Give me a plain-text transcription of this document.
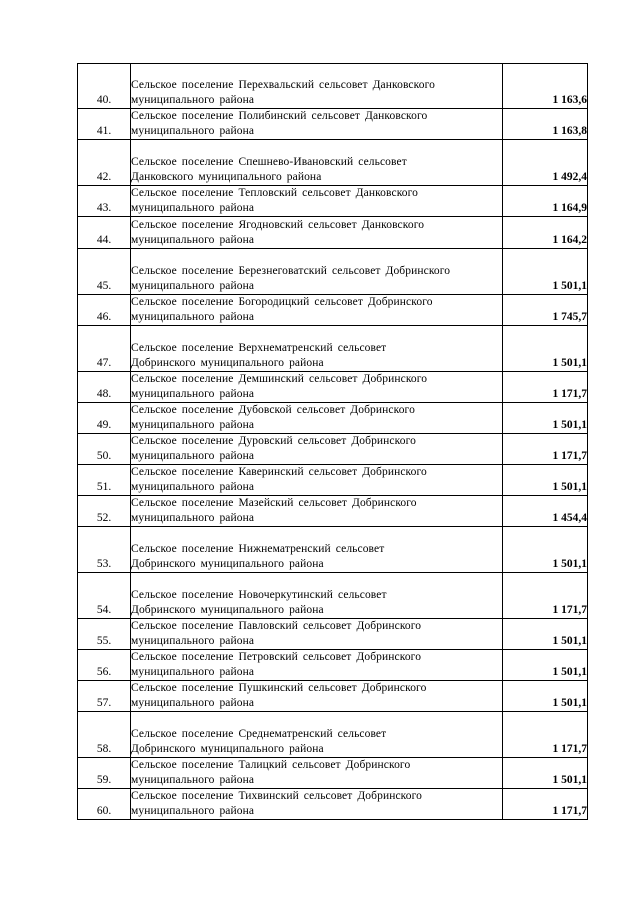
40.	Сельское поселение Перехвальский сельсовет Данковского
муниципального района	1 163,6
41.	Сельское поселение Полибинский сельсовет Данковского
муниципального района	1 163,8
42.	Сельское поселение Спешнево-Ивановский сельсовет
Данковского муниципального района	1 492,4
43.	Сельское поселение Тепловский сельсовет Данковского
муниципального района	1 164,9
44.	Сельское поселение Ягодновский сельсовет Данковского
муниципального района	1 164,2
45.	Сельское поселение Березнеговатский сельсовет Добринского
муниципального района	1 501,1
46.	Сельское поселение Богородицкий сельсовет Добринского
муниципального района	1 745,7
47.	Сельское поселение Верхнематренский сельсовет
Добринского муниципального района	1 501,1
48.	Сельское поселение Демшинский сельсовет Добринского
муниципального района	1 171,7
49.	Сельское поселение Дубовской сельсовет Добринского
муниципального района	1 501,1
50.	Сельское поселение Дуровский сельсовет Добринского
муниципального района	1 171,7
51.	Сельское поселение Каверинский сельсовет Добринского
муниципального района	1 501,1
52.	Сельское поселение Мазейский сельсовет Добринского
муниципального района	1 454,4
53.	Сельское поселение Нижнематренский сельсовет
Добринского муниципального района	1 501,1
54.	Сельское поселение Новочеркутинский сельсовет
Добринского муниципального района	1 171,7
55.	Сельское поселение Павловский сельсовет Добринского
муниципального района	1 501,1
56.	Сельское поселение Петровский сельсовет Добринского
муниципального района	1 501,1
57.	Сельское поселение Пушкинский сельсовет Добринского
муниципального района	1 501,1
58.	Сельское поселение Среднематренский сельсовет
Добринского муниципального района	1 171,7
59.	Сельское поселение Талицкий сельсовет Добринского
муниципального района	1 501,1
60.	Сельское поселение Тихвинский сельсовет Добринского
муниципального района	1 171,7
